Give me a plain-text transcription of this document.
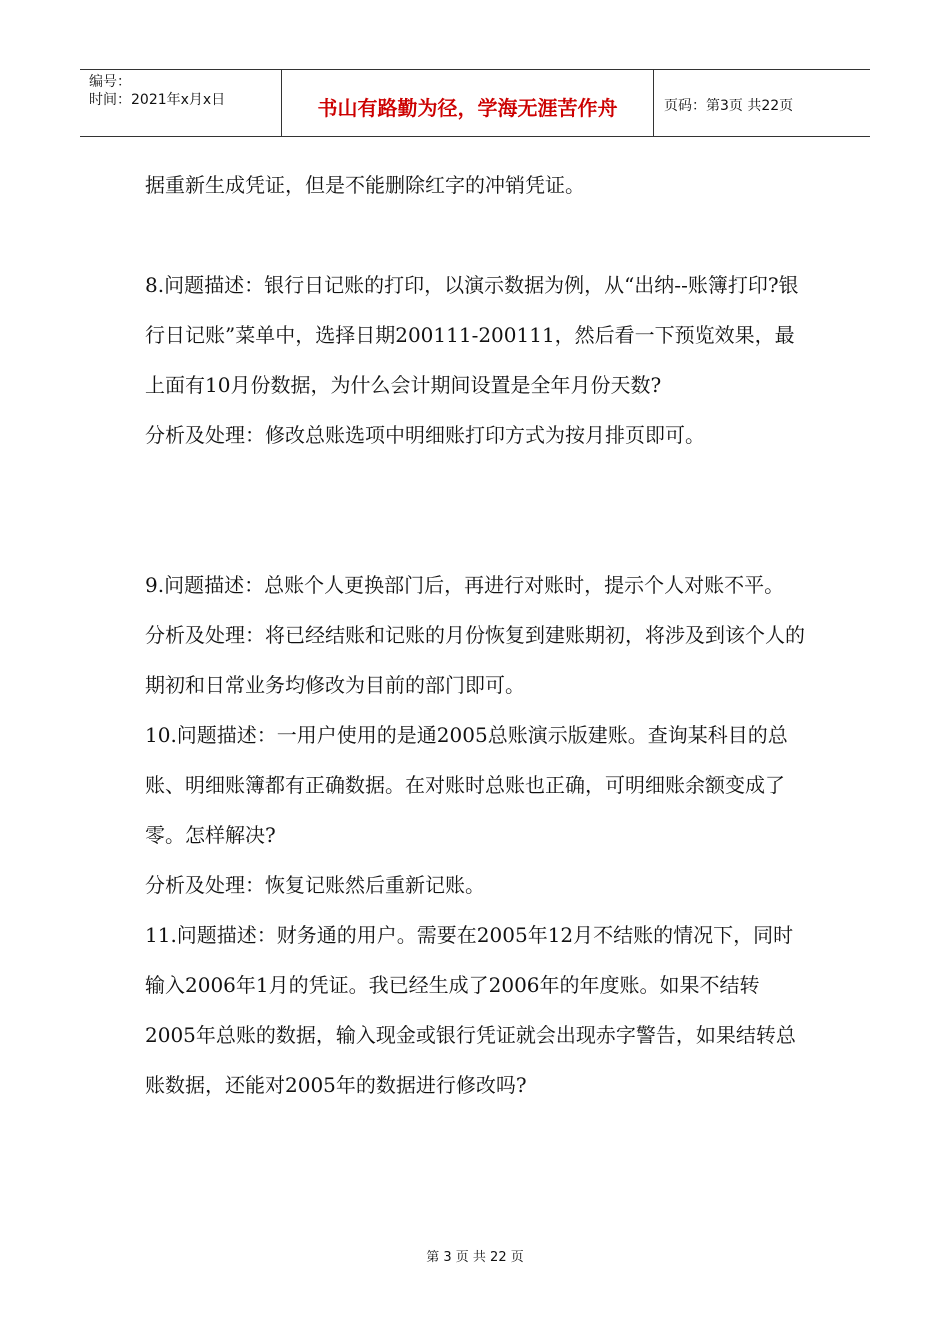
编号：
时间：2021年x月x日	书山有路勤为径，学海无涯苦作舟	页码：第3页 共22页

据重新生成凭证，但是不能删除红字的冲销凭证。

8.问题描述：银行日记账的打印，以演示数据为例，从“出纳--账簿打印?银行日记账”菜单中，选择日期200111-200111，然后看一下预览效果，最上面有10月份数据，为什么会计期间设置是全年月份天数?

分析及处理：修改总账选项中明细账打印方式为按月排页即可。

9.问题描述：总账个人更换部门后，再进行对账时，提示个人对账不平。

分析及处理：将已经结账和记账的月份恢复到建账期初，将涉及到该个人的期初和日常业务均修改为目前的部门即可。

10.问题描述：一用户使用的是通2005总账演示版建账。查询某科目的总账、明细账簿都有正确数据。在对账时总账也正确，可明细账余额变成了零。怎样解决?

分析及处理：恢复记账然后重新记账。

11.问题描述：财务通的用户。需要在2005年12月不结账的情况下，同时输入2006年1月的凭证。我已经生成了2006年的年度账。如果不结转2005年总账的数据，输入现金或银行凭证就会出现赤字警告，如果结转总账数据，还能对2005年的数据进行修改吗?

第 3 页 共 22 页
